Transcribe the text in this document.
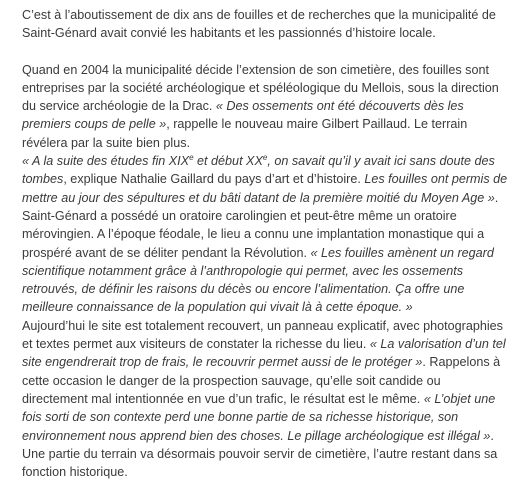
C’est à l’aboutissement de dix ans de fouilles et de recherches que la municipalité de Saint-Génard avait convié les habitants et les passionnés d’histoire locale.

Quand en 2004 la municipalité décide l’extension de son cimetière, des fouilles sont entreprises par la société archéologique et spéléologique du Mellois, sous la direction du service archéologie de la Drac. « Des ossements ont été découverts dès les premiers coups de pelle », rappelle le nouveau maire Gilbert Paillaud. Le terrain révélera par la suite bien plus.

« A la suite des études fin XIXe et début XXe, on savait qu’il y avait ici sans doute des tombes, explique Nathalie Gaillard du pays d’art et d’histoire. Les fouilles ont permis de mettre au jour des sépultures et du bâti datant de la première moitié du Moyen Age ».

Saint-Génard a possédé un oratoire carolingien et peut-être même un oratoire mérovingien. A l’époque féodale, le lieu a connu une implantation monastique qui a prospéré avant de se déliter pendant la Révolution. « Les fouilles amènent un regard scientifique notamment grâce à l’anthropologie qui permet, avec les ossements retrouvés, de définir les raisons du décès ou encore l’alimentation. Ça offre une meilleure connaissance de la population qui vivait là à cette époque. »

Aujourd’hui le site est totalement recouvert, un panneau explicatif, avec photographies et textes permet aux visiteurs de constater la richesse du lieu. « La valorisation d’un tel site engendrerait trop de frais, le recouvrir permet aussi de le protéger ». Rappelons à cette occasion le danger de la prospection sauvage, qu’elle soit candide ou directement mal intentionnée en vue d’un trafic, le résultat est le même. « L’objet une fois sorti de son contexte perd une bonne partie de sa richesse historique, son environnement nous apprend bien des choses. Le pillage archéologique est illégal ».

Une partie du terrain va désormais pouvoir servir de cimetière, l’autre restant dans sa fonction historique.
